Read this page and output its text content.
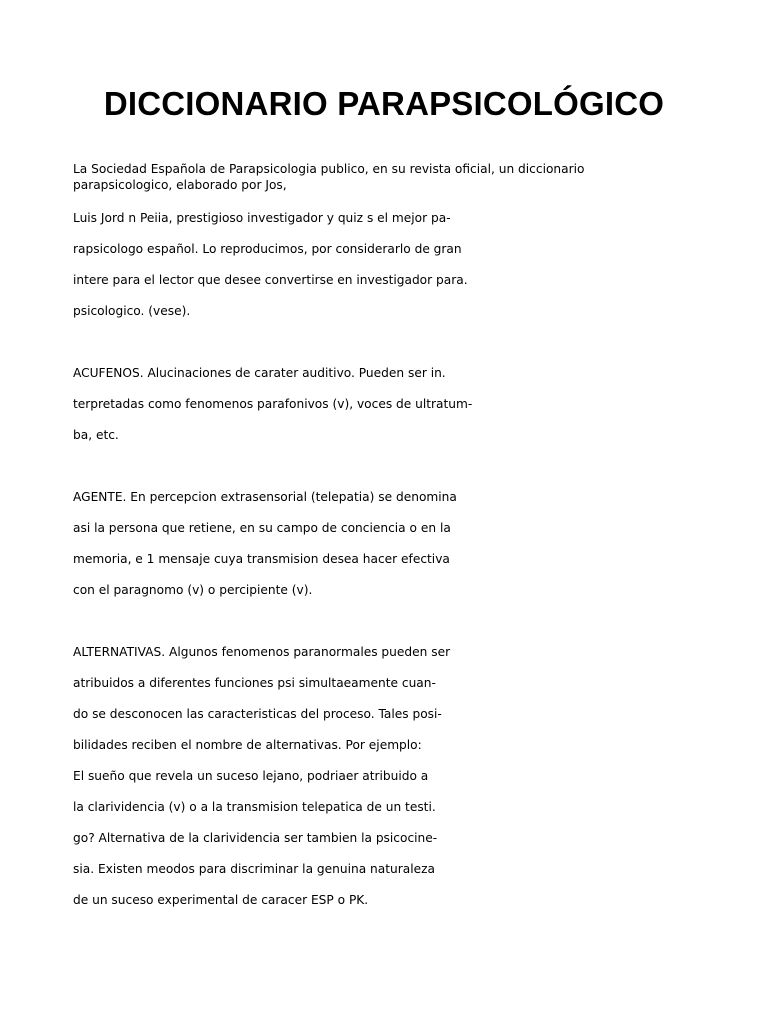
DICCIONARIO PARAPSICOLÓGICO

La Sociedad Española de Parapsicologia publico, en su revista oficial, un diccionario parapsicologico, elaborado por Jos,

Luis Jord n Peiia, prestigioso investigador y quiz s el mejor pa-

rapsicologo español. Lo reproducimos, por considerarlo de gran

intere para el lector que desee convertirse en investigador para.

psicologico. (vese).

ACUFENOS. Alucinaciones de carater auditivo. Pueden ser in.

terpretadas como fenomenos parafonivos (v), voces de ultratum-

ba, etc.

AGENTE. En percepcion extrasensorial (telepatia) se denomina

asi la persona que retiene, en su campo de conciencia o en la

memoria, e 1 mensaje cuya transmision desea hacer efectiva

con el paragnomo (v) o percipiente (v).

ALTERNATIVAS. Algunos fenomenos paranormales pueden ser

atribuidos a diferentes funciones psi simultaeamente cuan-

do se desconocen las caracteristicas del proceso. Tales posi-

bilidades reciben el nombre de alternativas. Por ejemplo:

El sueño que revela un suceso lejano, podriaer atribuido a

la clarividencia (v) o a la transmision telepatica de un testi.

go? Alternativa de la clarividencia ser tambien la psicocine-

sia. Existen meodos para discriminar la genuina naturaleza

de un suceso experimental de caracer ESP o PK.
